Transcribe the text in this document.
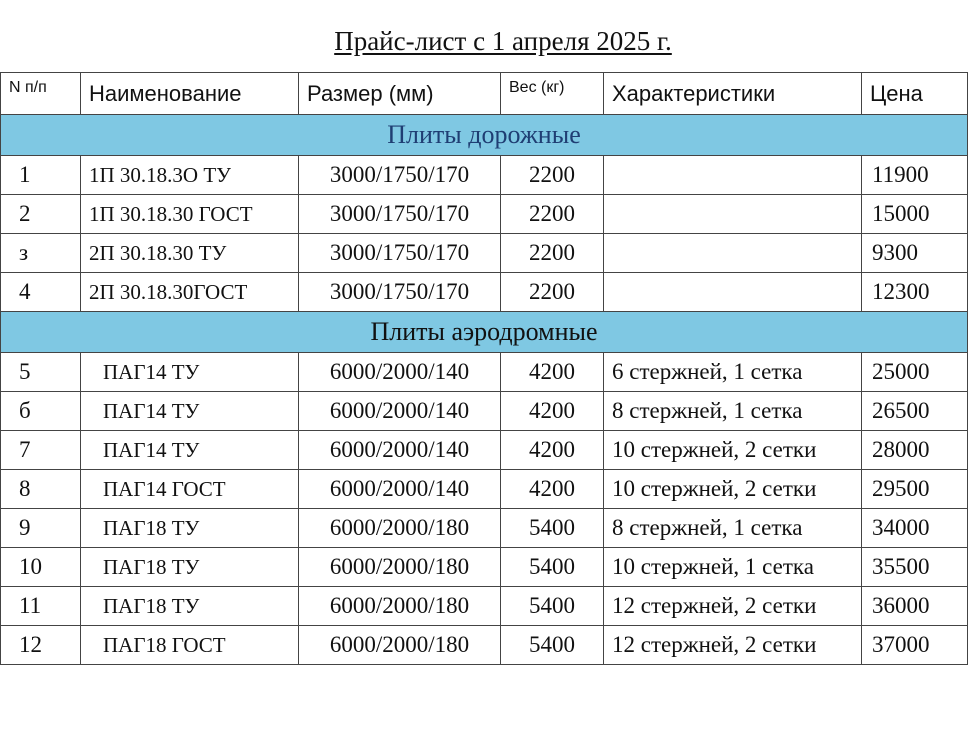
Прайс-лист с 1 апреля 2025 г.
N п/п	Наименование	Размер (мм)	Вес (кг)	Характеристики	Цена
Плиты дорожные					
1	1П 30.18.3О ТУ	3000/1750/170	2200		11900
2	1П 30.18.30 ГОСТ	3000/1750/170	2200		15000
з	2П 30.18.30 ТУ	3000/1750/170	2200		9300
4	2П 30.18.30ГОСТ	3000/1750/170	2200		12300
Плиты аэродромные					
5	ПАГ14 ТУ	6000/2000/140	4200	6 стержней, 1 сетка	25000
б	ПАГ14 ТУ	6000/2000/140	4200	8 стержней, 1 сетка	26500
7	ПАГ14 ТУ	6000/2000/140	4200	10 стержней, 2 сетки	28000
8	ПАГ14 ГОСТ	6000/2000/140	4200	10 стержней, 2 сетки	29500
9	ПАГ18 ТУ	6000/2000/180	5400	8 стержней, 1 сетка	34000
10	ПАГ18 ТУ	6000/2000/180	5400	10 стержней, 1 сетка	35500
11	ПАГ18 ТУ	6000/2000/180	5400	12 стержней, 2 сетки	36000
12	ПАГ18 ГОСТ	6000/2000/180	5400	12 стержней, 2 сетки	37000
